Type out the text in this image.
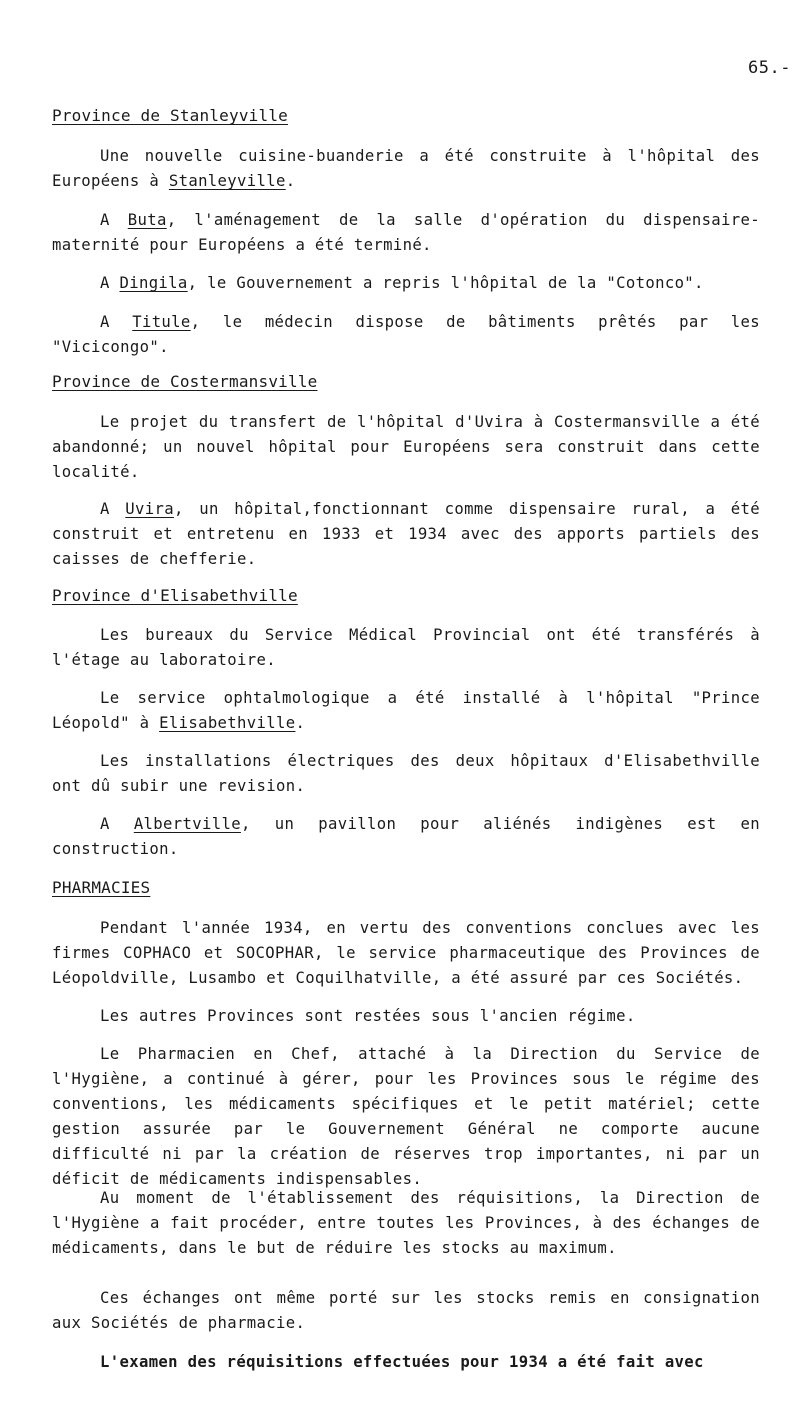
65.-
Province de Stanleyville

Une nouvelle cuisine-buanderie a été construite à l'hôpital des Européens à Stanleyville.

A Buta, l'aménagement de la salle d'opération du dispensaire-maternité pour Européens a été terminé.

A Dingila, le Gouvernement a repris l'hôpital de la "Cotonco".

A Titule, le médecin dispose de bâtiments prêtés par les "Vicicongo".

Province de Costermansville

Le projet du transfert de l'hôpital d'Uvira à Costermansville a été abandonné; un nouvel hôpital pour Européens sera construit dans cette localité.

A Uvira, un hôpital,fonctionnant comme dispensaire rural, a été construit et entretenu en 1933 et 1934 avec des apports partiels des caisses de chefferie.

Province d'Elisabethville

Les bureaux du Service Médical Provincial ont été transférés à l'étage au laboratoire.

Le service ophtalmologique a été installé à l'hôpital "Prince Léopold" à Elisabethville.

Les installations électriques des deux hôpitaux d'Elisabethville ont dû subir une revision.

A Albertville, un pavillon pour aliénés indigènes est en construction.

PHARMACIES

Pendant l'année 1934, en vertu des conventions conclues avec les firmes COPHACO et SOCOPHAR, le service pharmaceutique des Provinces de Léopoldville, Lusambo et Coquilhatville, a été assuré par ces Sociétés.

Les autres Provinces sont restées sous l'ancien régime.

Le Pharmacien en Chef, attaché à la Direction du Service de l'Hygiène, a continué à gérer, pour les Provinces sous le régime des conventions, les médicaments spécifiques et le petit matériel; cette gestion assurée par le Gouvernement Général ne comporte aucune difficulté ni par la création de réserves trop importantes, ni par un déficit de médicaments indispensables.

Au moment de l'établissement des réquisitions, la Direction de l'Hygiène a fait procéder, entre toutes les Provinces, à des échanges de médicaments, dans le but de réduire les stocks au maximum.

Ces échanges ont même porté sur les stocks remis en consignation aux Sociétés de pharmacie.

L'examen des réquisitions effectuées pour 1934 a été fait avec
